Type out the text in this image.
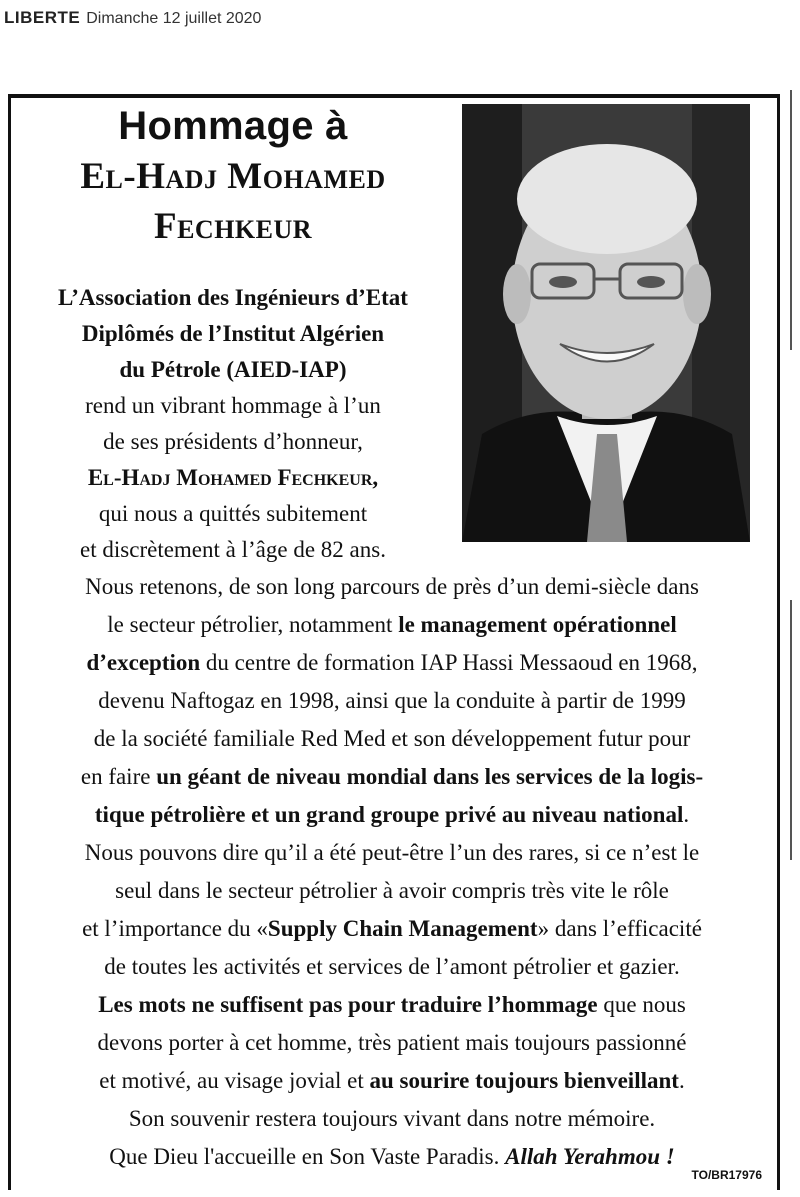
LIBERTE Dimanche 12 juillet 2020

Hommage à

El-Hadj Mohamed

Fechkeur

L’Association des Ingénieurs d’Etat

Diplômés de l’Institut Algérien

du Pétrole (AIED-IAP)

rend un vibrant hommage à l’un

de ses présidents d’honneur,

El-Hadj Mohamed Fechkeur,

qui nous a quittés subitement

et discrètement à l’âge de 82 ans.

Nous retenons, de son long parcours de près d’un demi-siècle dans

le secteur pétrolier, notamment le management opérationnel

d’exception du centre de formation IAP Hassi Messaoud en 1968,

devenu Naftogaz en 1998, ainsi que la conduite à partir de 1999

de la société familiale Red Med et son développement futur pour

en faire un géant de niveau mondial dans les services de la logis-

tique pétrolière et un grand groupe privé au niveau national.

Nous pouvons dire qu’il a été peut-être l’un des rares, si ce n’est le

seul dans le secteur pétrolier à avoir compris très vite le rôle

et l’importance du «Supply Chain Management» dans l’efficacité

de toutes les activités et services de l’amont pétrolier et gazier.

Les mots ne suffisent pas pour traduire l’hommage que nous

devons porter à cet homme, très patient mais toujours passionné

et motivé, au visage jovial et au sourire toujours bienveillant.

Son souvenir restera toujours vivant dans notre mémoire.

Que Dieu l'accueille en Son Vaste Paradis. Allah Yerahmou !

TO/BR17976
